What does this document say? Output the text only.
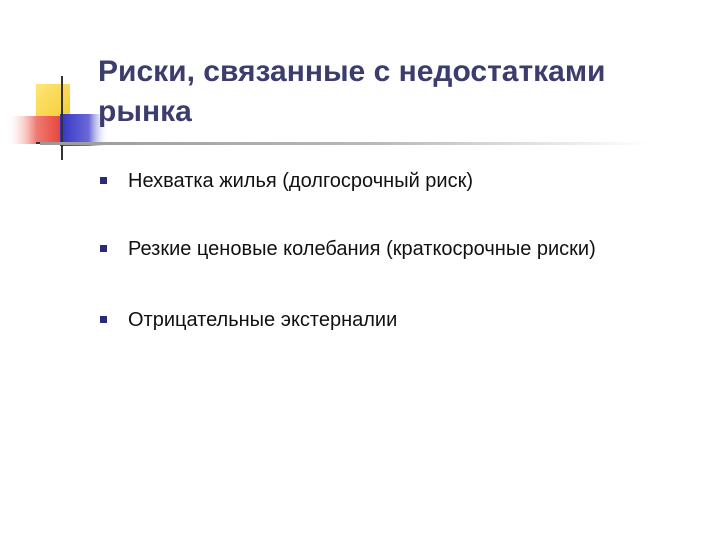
Риски, связанные с недостатками рынка
Нехватка жилья (долгосрочный риск)
Резкие ценовые колебания (краткосрочные риски)
Отрицательные экстерналии
